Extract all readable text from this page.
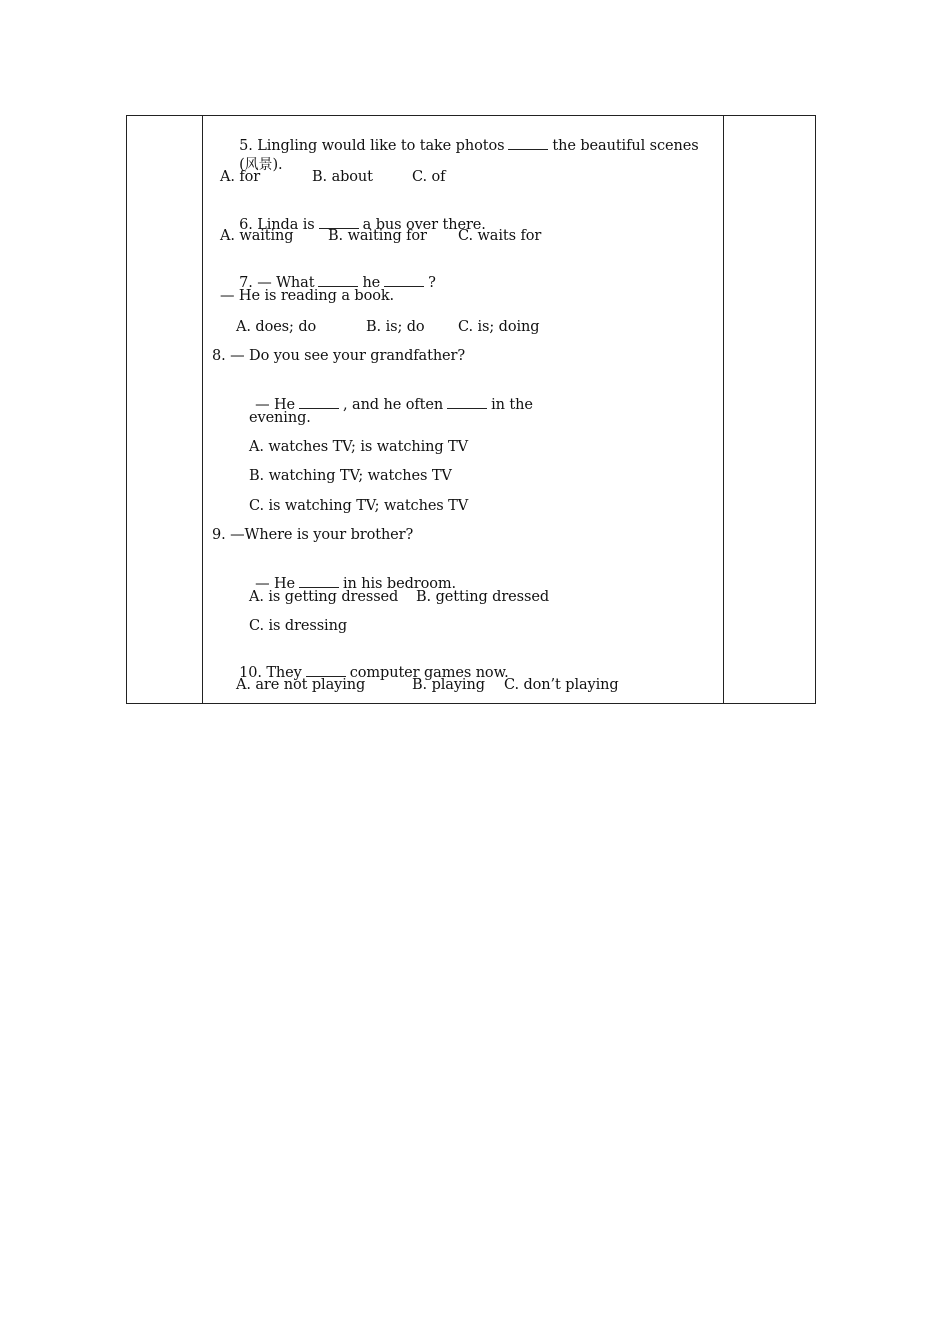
5. Lingling would like to take photos	the beautiful scenes

(风景).

A. for	B. about	C. of

6. Linda is	a bus over there.

A. waiting B. waiting for C. waits for

7. — What	he	?

— He is reading a book.
A. does; do	B. is; do C. is; doing
8. — Do you see your grandfather?

— He	, and he often	in the

evening.
A. watches TV; is watching TV
B. watching TV; watches TV
C. is watching TV; watches TV
9. —Where is your brother?

— He	in his bedroom.

A. is getting dressed B. getting dressed
C. is dressing

10. They	computer games now.

A. are not playing	B. playing C. don’t playing
